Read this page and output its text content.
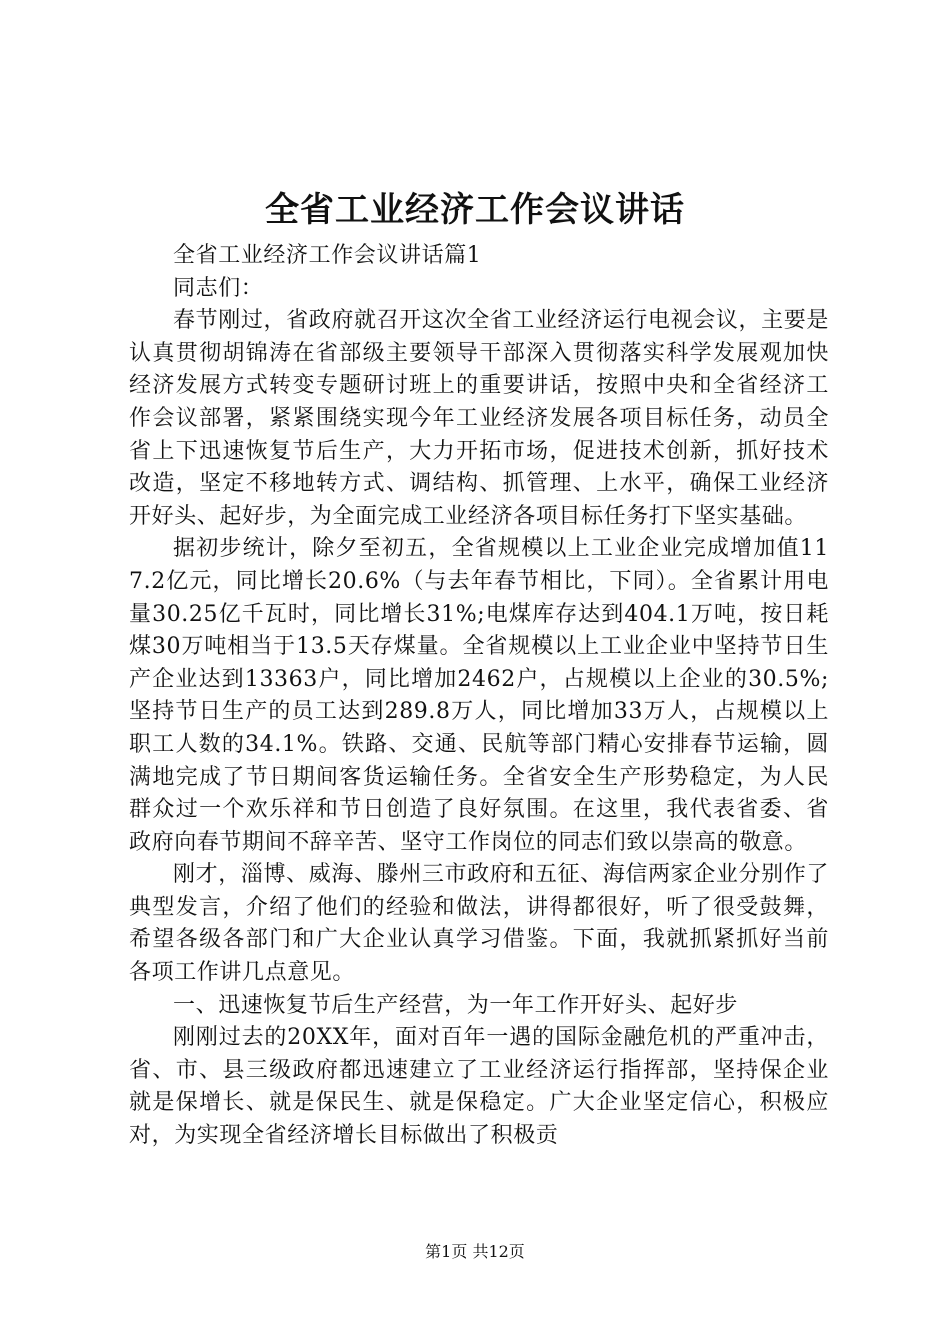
全省工业经济工作会议讲话

全省工业经济工作会议讲话篇1

同志们：

春节刚过，省政府就召开这次全省工业经济运行电视会议，主要是认真贯彻胡锦涛在省部级主要领导干部深入贯彻落实科学发展观加快经济发展方式转变专题研讨班上的重要讲话，按照中央和全省经济工作会议部署，紧紧围绕实现今年工业经济发展各项目标任务，动员全省上下迅速恢复节后生产，大力开拓市场，促进技术创新，抓好技术改造，坚定不移地转方式、调结构、抓管理、上水平，确保工业经济开好头、起好步，为全面完成工业经济各项目标任务打下坚实基础。

据初步统计，除夕至初五，全省规模以上工业企业完成增加值117.2亿元，同比增长20.6%（与去年春节相比，下同）。全省累计用电量30.25亿千瓦时，同比增长31%;电煤库存达到404.1万吨，按日耗煤30万吨相当于13.5天存煤量。全省规模以上工业企业中坚持节日生产企业达到13363户，同比增加2462户，占规模以上企业的30.5%;坚持节日生产的员工达到289.8万人，同比增加33万人，占规模以上职工人数的34.1%。铁路、交通、民航等部门精心安排春节运输，圆满地完成了节日期间客货运输任务。全省安全生产形势稳定，为人民群众过一个欢乐祥和节日创造了良好氛围。在这里，我代表省委、省政府向春节期间不辞辛苦、坚守工作岗位的同志们致以崇高的敬意。

刚才，淄博、威海、滕州三市政府和五征、海信两家企业分别作了典型发言，介绍了他们的经验和做法，讲得都很好，听了很受鼓舞，希望各级各部门和广大企业认真学习借鉴。下面，我就抓紧抓好当前各项工作讲几点意见。

一、迅速恢复节后生产经营，为一年工作开好头、起好步

刚刚过去的20XX年，面对百年一遇的国际金融危机的严重冲击，省、市、县三级政府都迅速建立了工业经济运行指挥部，坚持保企业就是保增长、就是保民生、就是保稳定。广大企业坚定信心，积极应对，为实现全省经济增长目标做出了积极贡

第1页 共12页
